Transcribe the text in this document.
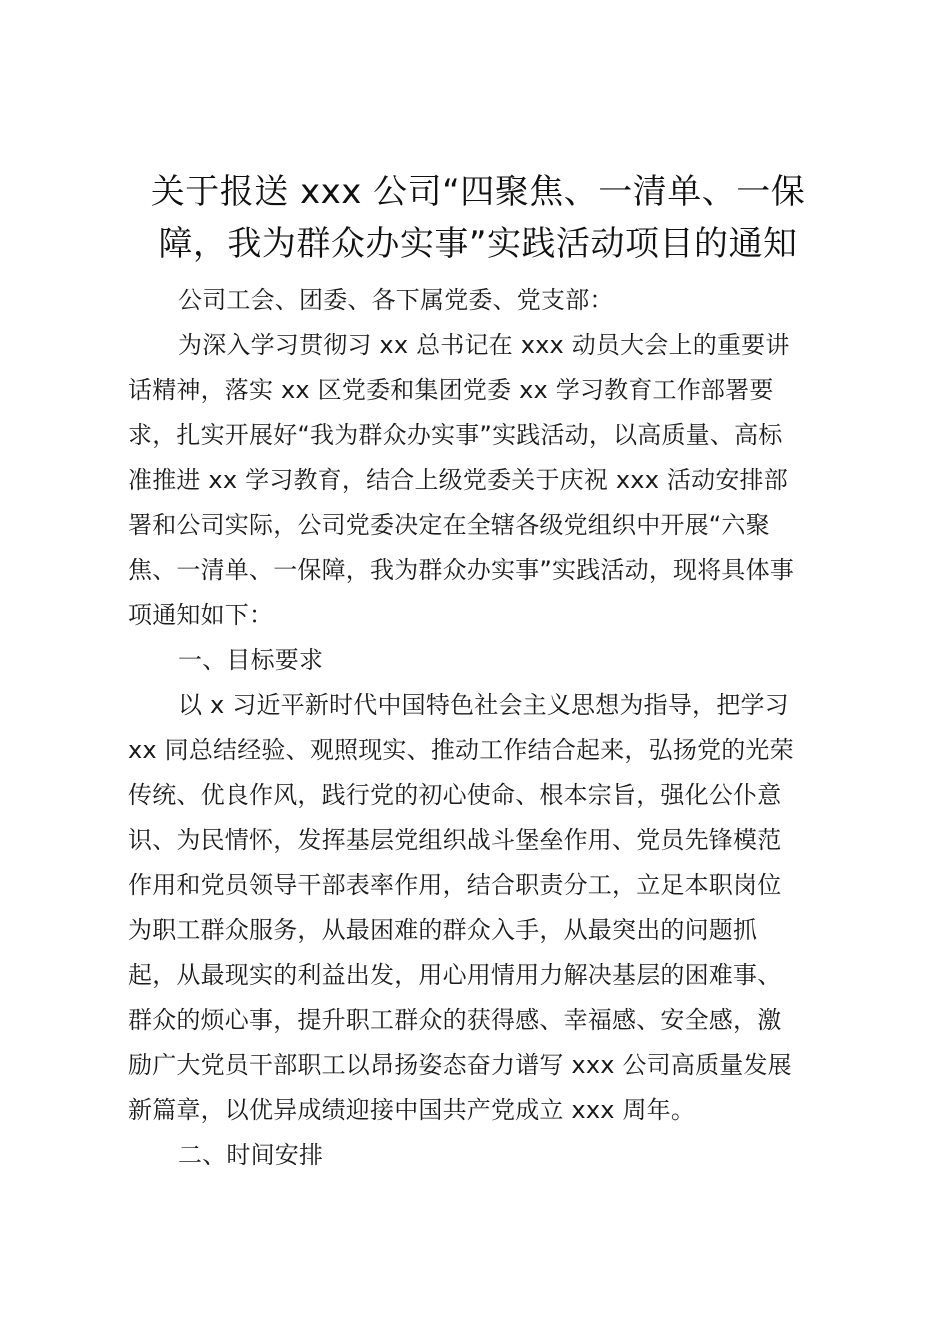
关于报送 xxx 公司“四聚焦、一清单、一保
障，我为群众办实事”实践活动项目的通知
公司工会、团委、各下属党委、党支部：
为深入学习贯彻习 xx 总书记在 xxx 动员大会上的重要讲
话精神，落实 xx 区党委和集团党委 xx 学习教育工作部署要
求，扎实开展好“我为群众办实事”实践活动，以高质量、高标
准推进 xx 学习教育，结合上级党委关于庆祝 xxx 活动安排部
署和公司实际，公司党委决定在全辖各级党组织中开展“六聚
焦、一清单、一保障，我为群众办实事”实践活动，现将具体事
项通知如下：
一、目标要求
以 x 习近平新时代中国特色社会主义思想为指导，把学习
xx 同总结经验、观照现实、推动工作结合起来，弘扬党的光荣
传统、优良作风，践行党的初心使命、根本宗旨，强化公仆意
识、为民情怀，发挥基层党组织战斗堡垒作用、党员先锋模范
作用和党员领导干部表率作用，结合职责分工，立足本职岗位
为职工群众服务，从最困难的群众入手，从最突出的问题抓
起，从最现实的利益出发，用心用情用力解决基层的困难事、
群众的烦心事，提升职工群众的获得感、幸福感、安全感，激
励广大党员干部职工以昂扬姿态奋力谱写 xxx 公司高质量发展
新篇章，以优异成绩迎接中国共产党成立 xxx 周年。
二、时间安排
